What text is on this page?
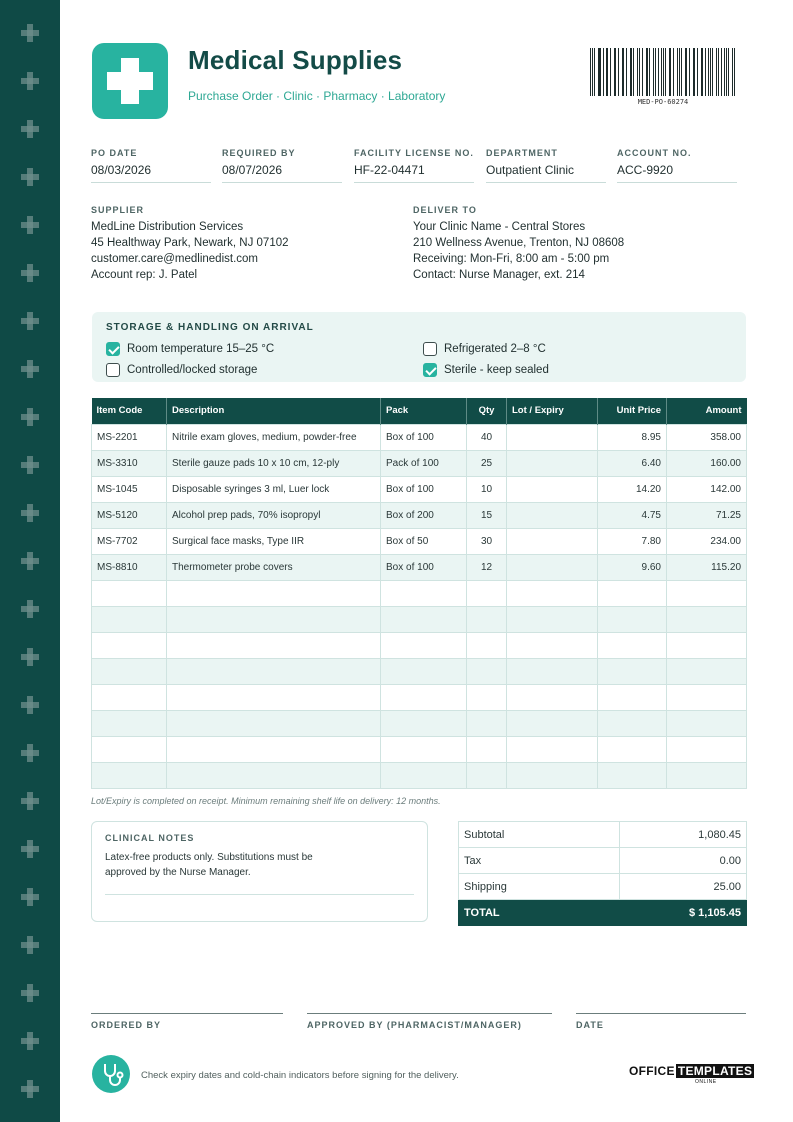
Medical Supplies
Purchase Order · Clinic · Pharmacy · Laboratory	MED-PO-60274
PO DATE
08/03/2026
REQUIRED BY
08/07/2026
FACILITY LICENSE NO.
HF-22-04471
DEPARTMENT
Outpatient Clinic
ACCOUNT NO.
ACC-9920
SUPPLIER
MedLine Distribution Services
45 Healthway Park, Newark, NJ 07102
customer.care@medlinedist.com
Account rep: J. Patel
DELIVER TO
Your Clinic Name - Central Stores
210 Wellness Avenue, Trenton, NJ 08608
Receiving: Mon-Fri, 8:00 am - 5:00 pm
Contact: Nurse Manager, ext. 214
STORAGE & HANDLING ON ARRIVAL
Room temperature 15–25 °C	Refrigerated 2–8 °C
Controlled/locked storage	Sterile - keep sealed
Item Code	Description	Pack	Qty	Lot / Expiry	Unit Price	Amount
MS-2201	Nitrile exam gloves, medium, powder-free	Box of 100	40		8.95	358.00
MS-3310	Sterile gauze pads 10 x 10 cm, 12-ply	Pack of 100	25		6.40	160.00
MS-1045	Disposable syringes 3 ml, Luer lock	Box of 100	10		14.20	142.00
MS-5120	Alcohol prep pads, 70% isopropyl	Box of 200	15		4.75	71.25
MS-7702	Surgical face masks, Type IIR	Box of 50	30		7.80	234.00
MS-8810	Thermometer probe covers	Box of 100	12		9.60	115.20

Lot/Expiry is completed on receipt. Minimum remaining shelf life on delivery: 12 months.
CLINICAL NOTES
Latex-free products only. Substitutions must be approved by the Nurse Manager.
Subtotal	1,080.45
Tax	0.00
Shipping	25.00
TOTAL	$ 1,105.45
ORDERED BY	APPROVED BY (PHARMACIST/MANAGER)	DATE
Check expiry dates and cold-chain indicators before signing for the delivery.	OFFICE TEMPLATES
ONLINE
